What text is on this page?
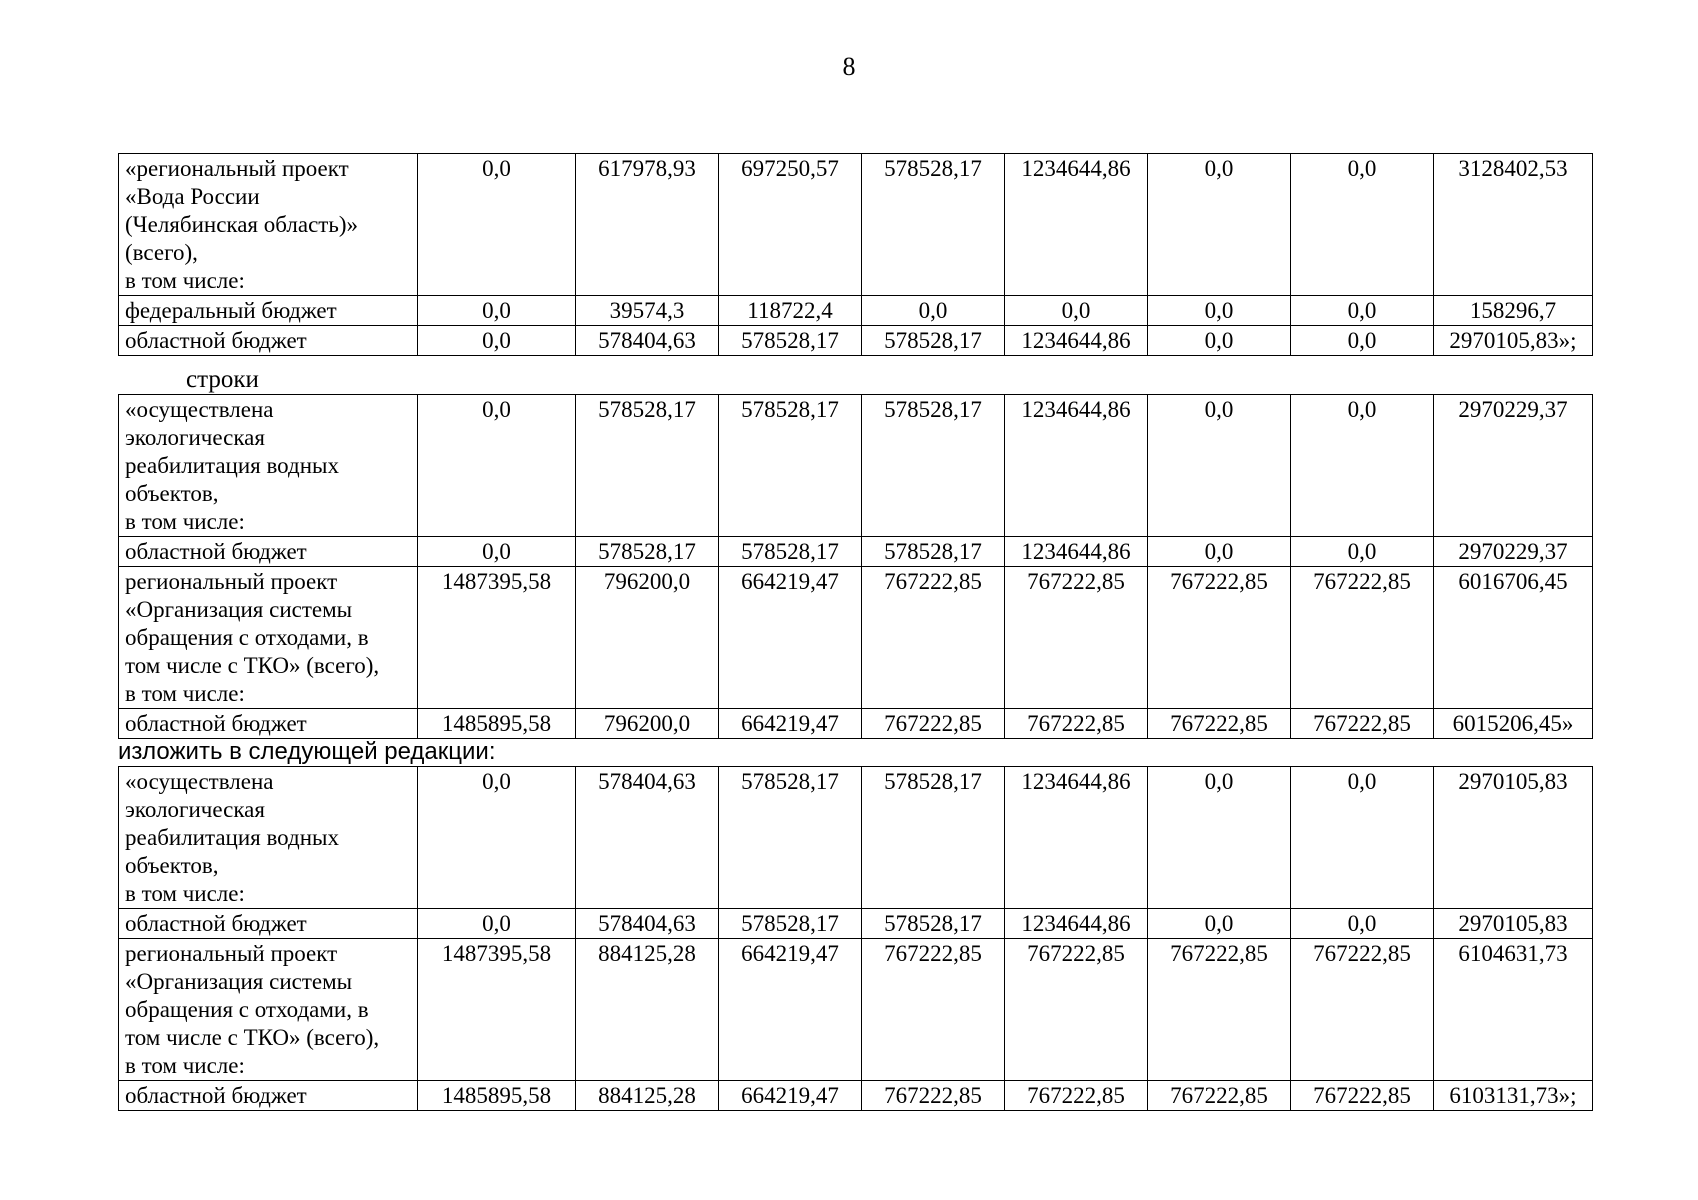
8
«региональный проект
«Вода России
(Челябинская область)»
(всего),
в том числе:	0,0	617978,93	697250,57	578528,17	1234644,86	0,0	0,0	3128402,53

федеральный бюджет	0,0	39574,3	118722,4	0,0	0,0	0,0	0,0	158296,7

областной бюджет	0,0	578404,63	578528,17	578528,17	1234644,86	0,0	0,0	2970105,83»;
строки
«осуществлена
экологическая
реабилитация водных
объектов,
в том числе:	0,0	578528,17	578528,17	578528,17	1234644,86	0,0	0,0	2970229,37

областной бюджет	0,0	578528,17	578528,17	578528,17	1234644,86	0,0	0,0	2970229,37

региональный проект
«Организация системы
обращения с отходами, в
том числе с ТКО» (всего),
в том числе:	1487395,58	796200,0	664219,47	767222,85	767222,85	767222,85	767222,85	6016706,45

областной бюджет	1485895,58	796200,0	664219,47	767222,85	767222,85	767222,85	767222,85	6015206,45»
изложить в следующей редакции:
«осуществлена
экологическая
реабилитация водных
объектов,
в том числе:	0,0	578404,63	578528,17	578528,17	1234644,86	0,0	0,0	2970105,83

областной бюджет	0,0	578404,63	578528,17	578528,17	1234644,86	0,0	0,0	2970105,83

региональный проект
«Организация системы
обращения с отходами, в
том числе с ТКО» (всего),
в том числе:	1487395,58	884125,28	664219,47	767222,85	767222,85	767222,85	767222,85	6104631,73

областной бюджет	1485895,58	884125,28	664219,47	767222,85	767222,85	767222,85	767222,85	6103131,73»;
